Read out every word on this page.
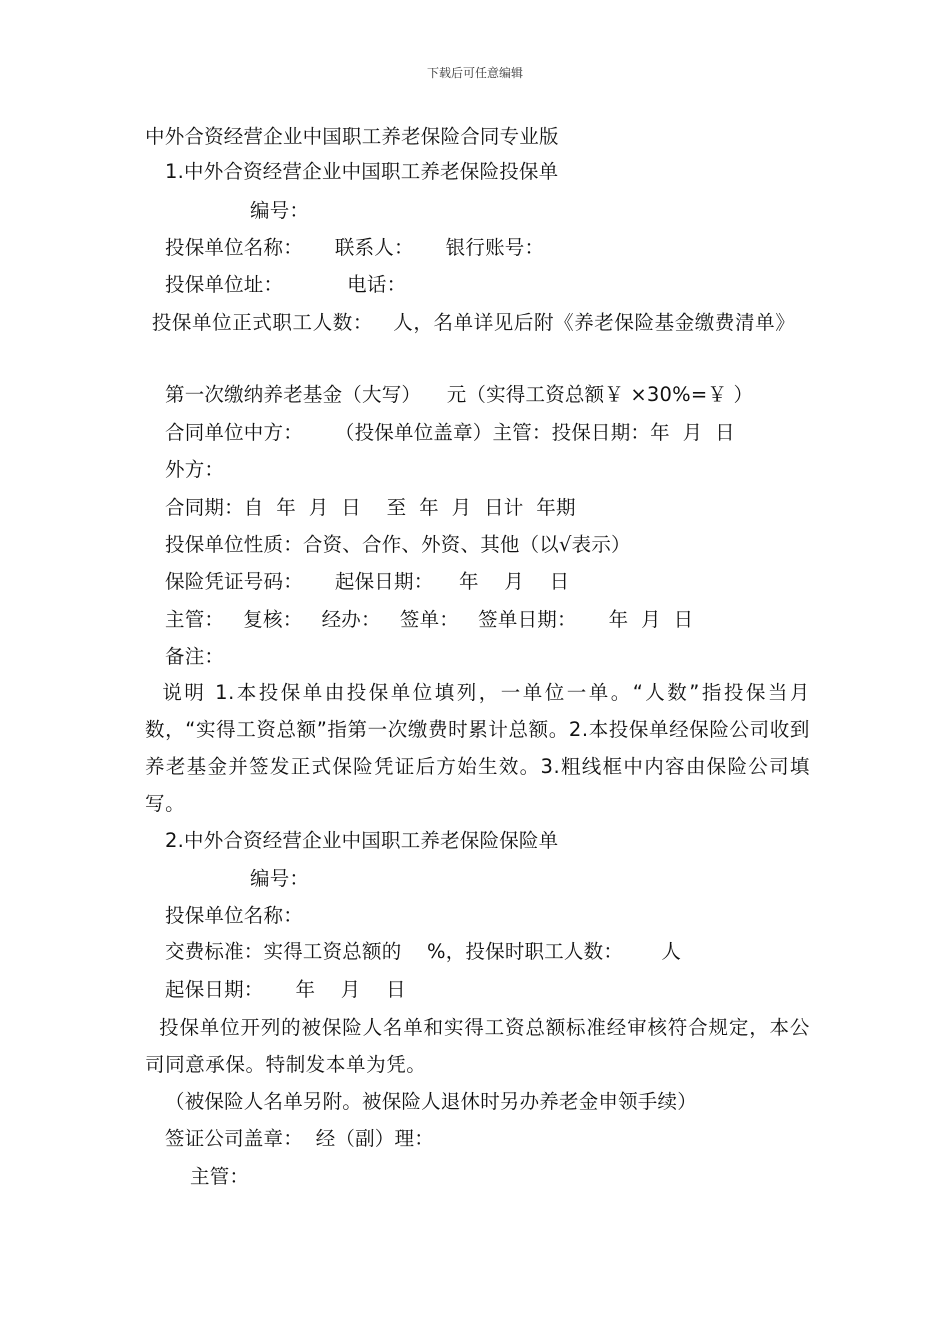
下载后可任意编辑
中外合资经营企业中国职工养老保险合同专业版
1.中外合资经营企业中国职工养老保险投保单
编号：
投保单位名称：     联系人：     银行账号：
投保单位址：          电话：
投保单位正式职工人数：   人，名单详见后附《养老保险基金缴费清单》
第一次缴纳养老基金（大写）    元（实得工资总额￥ ×30%=￥ ）
合同单位中方：     （投保单位盖章）主管：投保日期：年  月  日
外方：
合同期：自  年  月  日    至  年  月  日计  年期
投保单位性质：合资、合作、外资、其他（以√表示）
保险凭证号码：     起保日期：    年    月    日
主管：   复核：   经办：   签单：   签单日期：     年  月  日
备注：
说明 1.本投保单由投保单位填列，一单位一单。“人数”指投保当月数，“实得工资总额”指第一次缴费时累计总额。2.本投保单经保险公司收到养老基金并签发正式保险凭证后方始生效。3.粗线框中内容由保险公司填写。
2.中外合资经营企业中国职工养老保险保险单
编号：
投保单位名称：
交费标准：实得工资总额的    %，投保时职工人数：      人
起保日期：     年    月    日
投保单位开列的被保险人名单和实得工资总额标准经审核符合规定，本公司同意承保。特制发本单为凭。
（被保险人名单另附。被保险人退休时另办养老金申领手续）
签证公司盖章：  经（副）理：
主管：
